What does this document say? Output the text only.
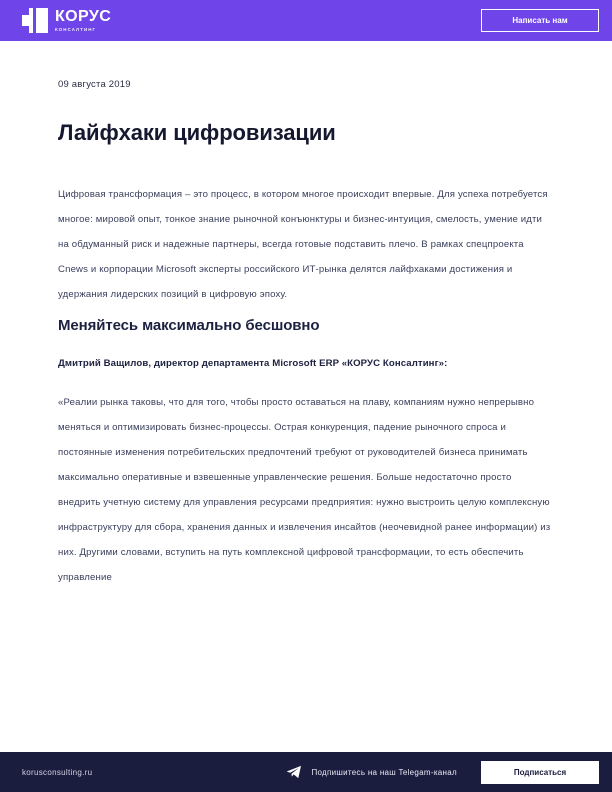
КОРУС
КОНСАЛТИНГ
Написать нам
09 августа 2019
Лайфхаки цифровизации

Цифровая трансформация – это процесс, в котором многое происходит впервые. Для успеха потребуется многое: мировой опыт, тонкое знание рыночной конъюнктуры и бизнес-интуиция, смелость, умение идти на обдуманный риск и надежные партнеры, всегда готовые подставить плечо. В рамках спецпроекта Cnews и корпорации Microsoft эксперты российского ИТ-рынка делятся лайфхаками достижения и удержания лидерских позиций в цифровую эпоху.

Меняйтесь максимально бесшовно

Дмитрий Ващилов, директор департамента Microsoft ERP «КОРУС Консалтинг»:

«Реалии рынка таковы, что для того, чтобы просто оставаться на плаву, компаниям нужно непрерывно меняться и оптимизировать бизнес-процессы. Острая конкуренция, падение рыночного спроса и постоянные изменения потребительских предпочтений требуют от руководителей бизнеса принимать максимально оперативные и взвешенные управленческие решения. Больше недостаточно просто внедрить учетную систему для управления ресурсами предприятия: нужно выстроить целую комплексную инфраструктуру для сбора, хранения данных и извлечения инсайтов (неочевидной ранее информации) из них. Другими словами, вступить на путь комплексной цифровой трансформации, то есть обеспечить управление

korusconsulting.ru	Подпишитесь на наш Telegam-канал	Подписаться
